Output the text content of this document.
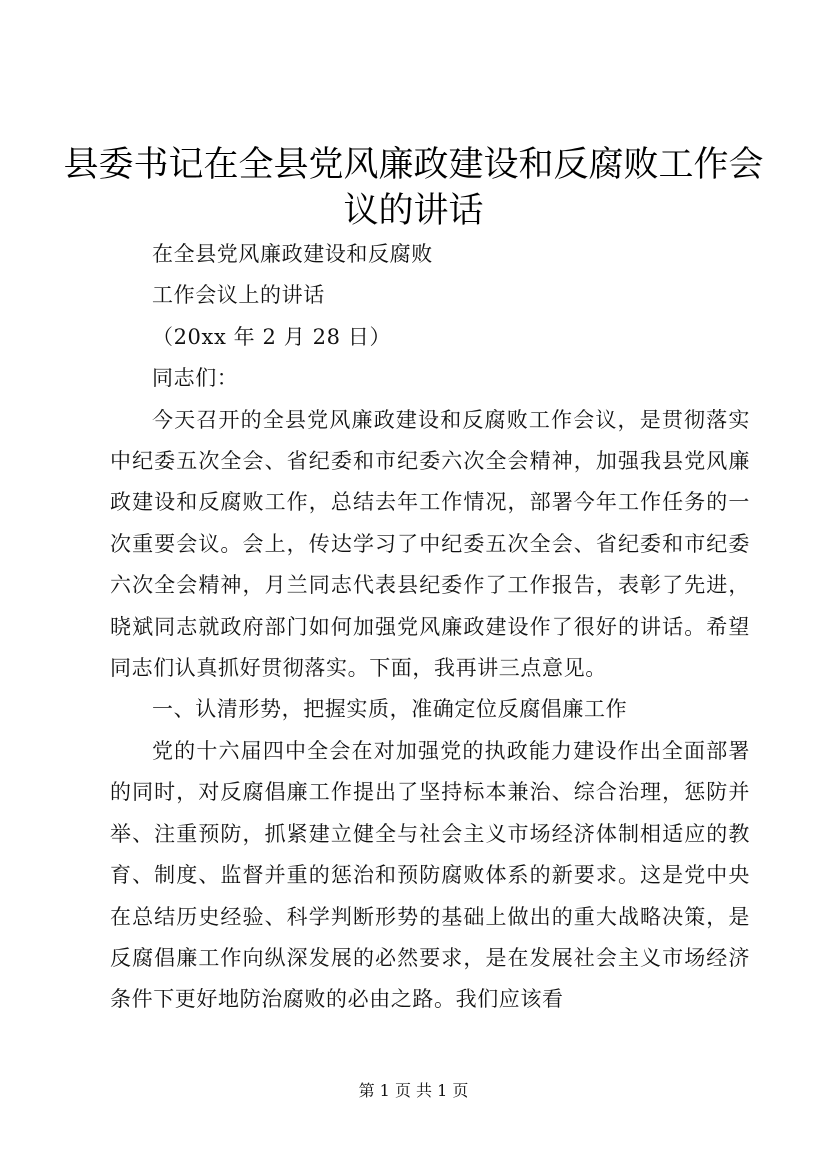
县委书记在全县党风廉政建设和反腐败工作会议的讲话

在全县党风廉政建设和反腐败

工作会议上的讲话

（20xx 年 2 月 28 日）

同志们：

今天召开的全县党风廉政建设和反腐败工作会议，是贯彻落实中纪委五次全会、省纪委和市纪委六次全会精神，加强我县党风廉政建设和反腐败工作，总结去年工作情况，部署今年工作任务的一次重要会议。会上，传达学习了中纪委五次全会、省纪委和市纪委六次全会精神，月兰同志代表县纪委作了工作报告，表彰了先进，晓斌同志就政府部门如何加强党风廉政建设作了很好的讲话。希望同志们认真抓好贯彻落实。下面，我再讲三点意见。

一、认清形势，把握实质，准确定位反腐倡廉工作

党的十六届四中全会在对加强党的执政能力建设作出全面部署的同时，对反腐倡廉工作提出了坚持标本兼治、综合治理，惩防并举、注重预防，抓紧建立健全与社会主义市场经济体制相适应的教育、制度、监督并重的惩治和预防腐败体系的新要求。这是党中央在总结历史经验、科学判断形势的基础上做出的重大战略决策，是反腐倡廉工作向纵深发展的必然要求，是在发展社会主义市场经济条件下更好地防治腐败的必由之路。我们应该看

第 1 页 共 1 页
